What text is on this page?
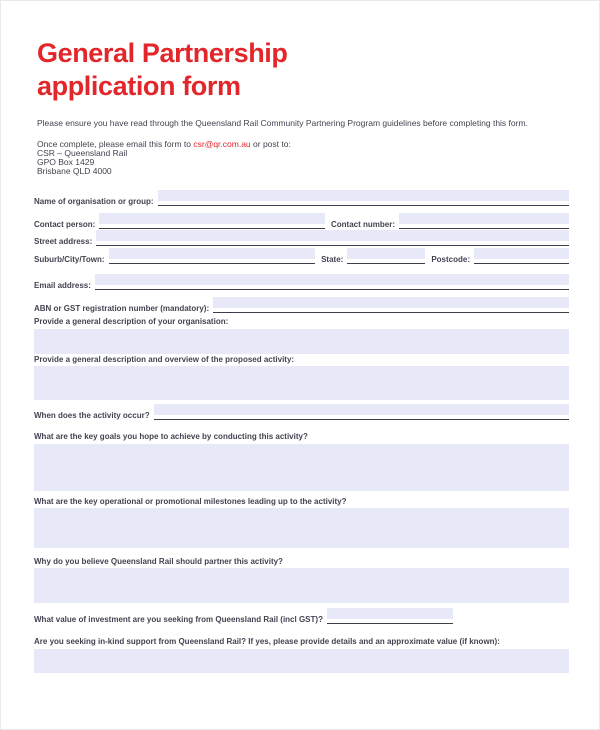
General Partnership
application form

Please ensure you have read through the Queensland Rail Community Partnering Program guidelines before completing this form.

Once complete, please email this form to csr@qr.com.au or post to:
CSR – Queensland Rail
GPO Box 1429
Brisbane QLD 4000
Name of organisation or group:
Contact person:	Contact number:
Street address:
Suburb/City/Town:	State:	Postcode:
Email address:
ABN or GST registration number (mandatory):
Provide a general description of your organisation:
Provide a general description and overview of the proposed activity:
When does the activity occur?
What are the key goals you hope to achieve by conducting this activity?
What are the key operational or promotional milestones leading up to the activity?
Why do you believe Queensland Rail should partner this activity?
What value of investment are you seeking from Queensland Rail (incl GST)?
Are you seeking in-kind support from Queensland Rail? If yes, please provide details and an approximate value (if known):
